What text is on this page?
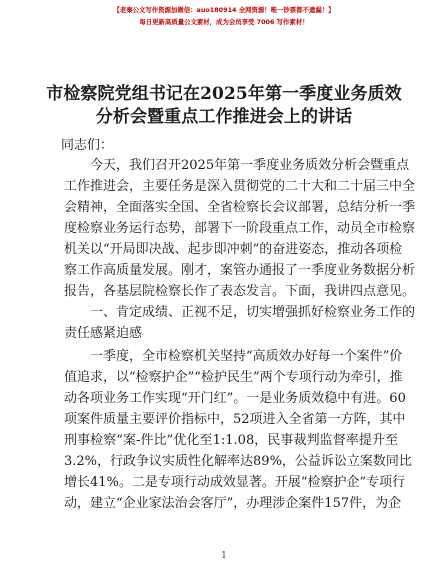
【老秦公文写作资源加微信：auo180914 全网资源！唯一钞票都不遗漏！】
每日更新高质量公文素材，成为会员享受 7006 写作素材！
市检察院党组书记在2025年第一季度业务质效
分析会暨重点工作推进会上的讲话
同志们：
今天，我们召开2025年第一季度业务质效分析会暨重点
工作推进会，主要任务是深入贯彻党的二十大和二十届三中全
会精神，全面落实全国、全省检察长会议部署，总结分析一季
度检察业务运行态势，部署下一阶段重点工作，动员全市检察
机关以“开局即决战、起步即冲刺”的奋进姿态，推动各项检
察工作高质量发展。刚才，案管办通报了一季度业务数据分析
报告，各基层院检察长作了表态发言。下面，我讲四点意见。
一、肯定成绩、正视不足，切实增强抓好检察业务工作的
责任感紧迫感
一季度，全市检察机关坚持“高质效办好每一个案件”价
值追求，以“检察护企”“检护民生”两个专项行动为牵引，推
动各项业务工作实现“开门红”。一是业务质效稳中有进。60
项案件质量主要评价指标中，52项进入全省第一方阵，其中
刑事检察“案-件比”优化至1:1.08，民事裁判监督率提升至
3.2%，行政争议实质性化解率达89%，公益诉讼立案数同比
增长41%。二是专项行动成效显著。开展“检察护企”专项行
动，建立“企业家法治会客厅”，办理涉企案件157件，为企
1
